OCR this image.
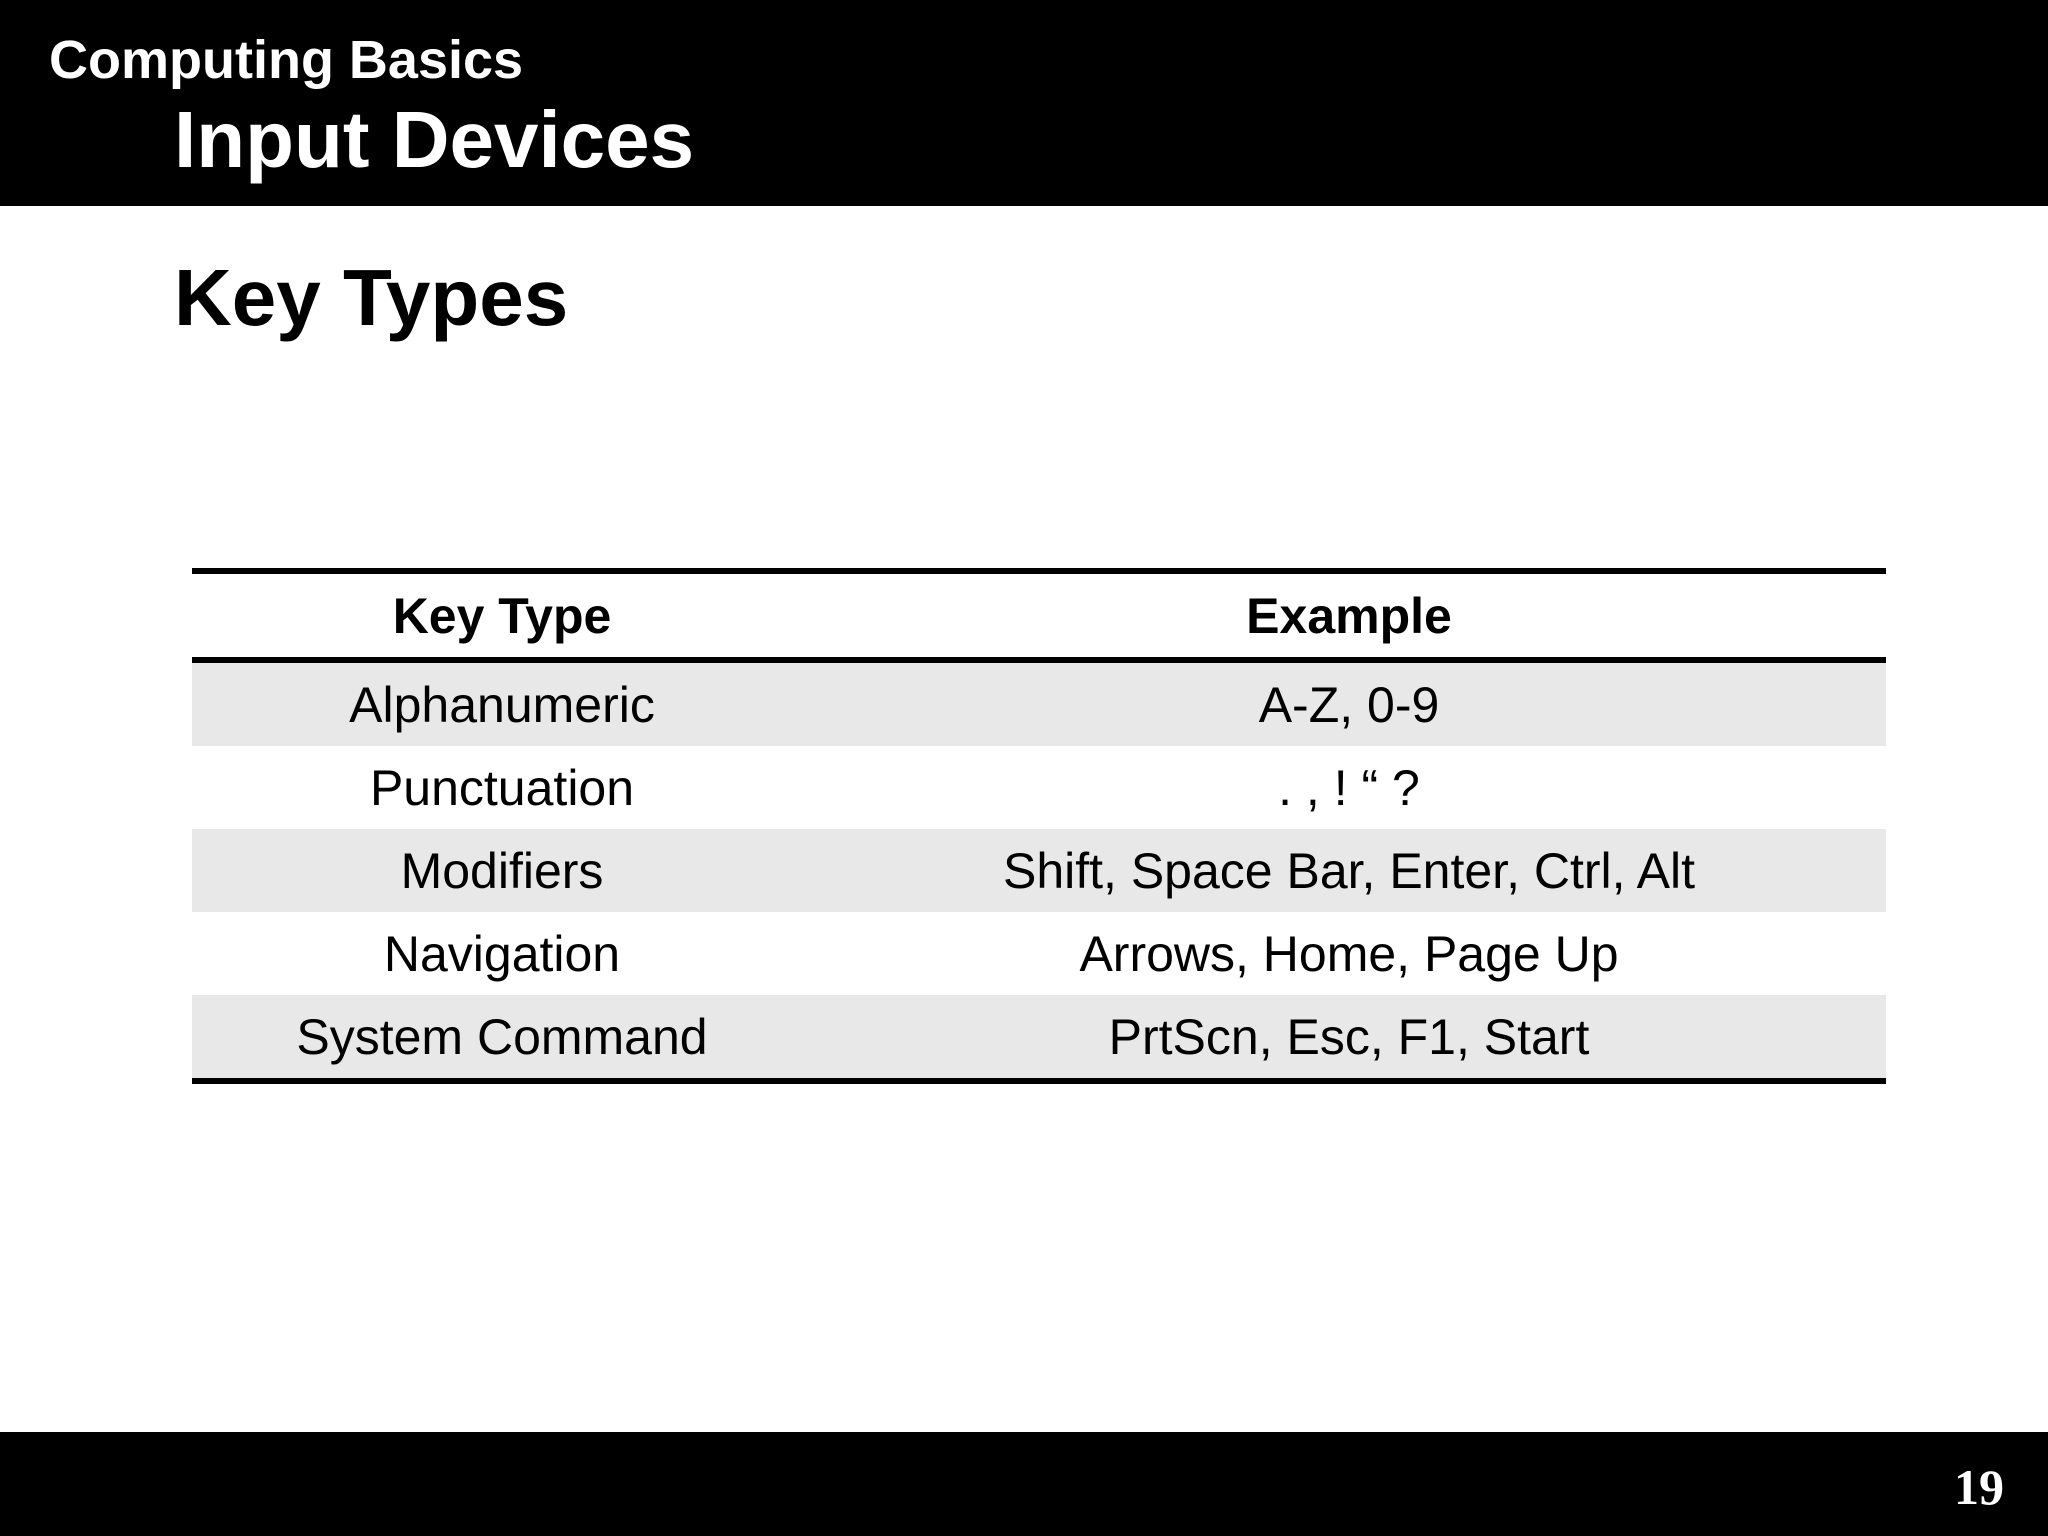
Computing Basics
Input Devices
Key Types
Key Type	Example
Alphanumeric	A-Z, 0-9
Punctuation	. , ! “ ?
Modifiers	Shift, Space Bar, Enter, Ctrl, Alt
Navigation	Arrows, Home, Page Up
System Command	PrtScn, Esc, F1, Start
19
